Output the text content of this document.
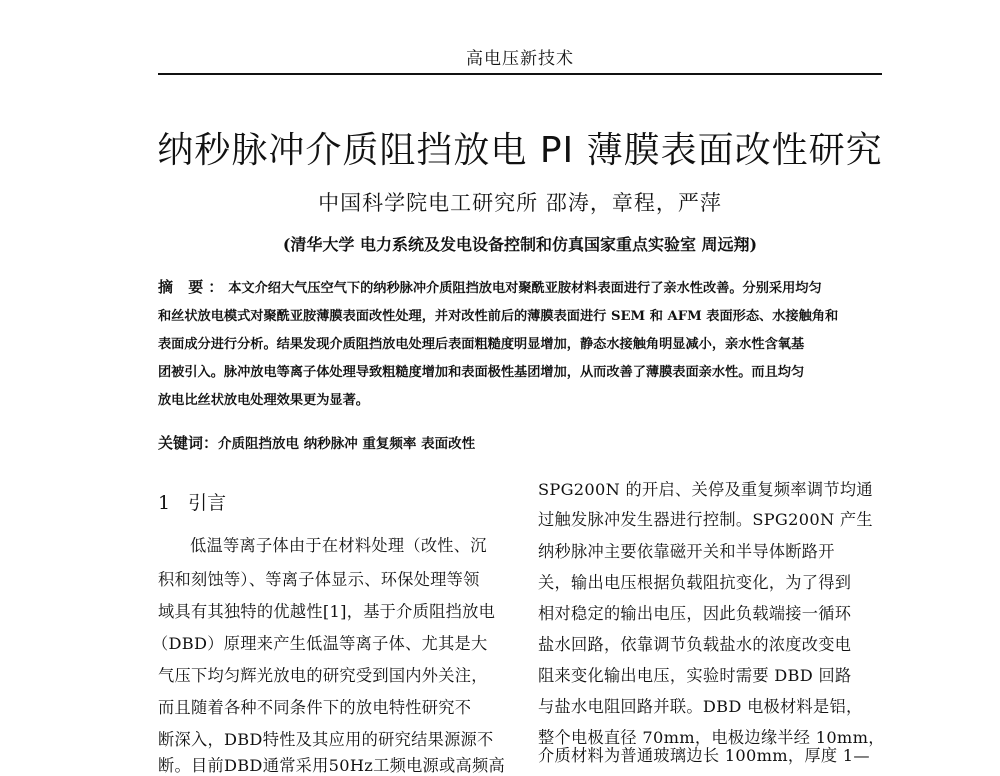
高电压新技术
纳秒脉冲介质阻挡放电 PI 薄膜表面改性研究
中国科学院电工研究所 邵涛，章程，严萍
(清华大学 电力系统及发电设备控制和仿真国家重点实验室 周远翔)
摘 要：本文介绍大气压空气下的纳秒脉冲介质阻挡放电对聚酰亚胺材料表面进行了亲水性改善。分别采用均匀
和丝状放电模式对聚酰亚胺薄膜表面改性处理，并对改性前后的薄膜表面进行 SEM 和 AFM 表面形态、水接触角和
表面成分进行分析。结果发现介质阻挡放电处理后表面粗糙度明显增加，静态水接触角明显减小，亲水性含氧基
团被引入。脉冲放电等离子体处理导致粗糙度增加和表面极性基团增加，从而改善了薄膜表面亲水性。而且均匀
放电比丝状放电处理效果更为显著。
关键词：介质阻挡放电 纳秒脉冲 重复频率 表面改性
1 引言
低温等离子体由于在材料处理（改性、沉
积和刻蚀等）、等离子体显示、环保处理等领
域具有其独特的优越性[1]，基于介质阻挡放电
（DBD）原理来产生低温等离子体、尤其是大
气压下均匀辉光放电的研究受到国内外关注，
而且随着各种不同条件下的放电特性研究不
断深入，DBD特性及其应用的研究结果源源不
断。目前DBD通常采用50Hz工频电源或高频高
SPG200N 的开启、关停及重复频率调节均通
过触发脉冲发生器进行控制。SPG200N 产生
纳秒脉冲主要依靠磁开关和半导体断路开
关，输出电压根据负载阻抗变化，为了得到
相对稳定的输出电压，因此负载端接一循环
盐水回路，依靠调节负载盐水的浓度改变电
阻来变化输出电压，实验时需要 DBD 回路
与盐水电阻回路并联。DBD 电极材料是铝，
整个电极直径 70mm，电极边缘半经 10mm，
介质材料为普通玻璃边长 100mm，厚度 1—
